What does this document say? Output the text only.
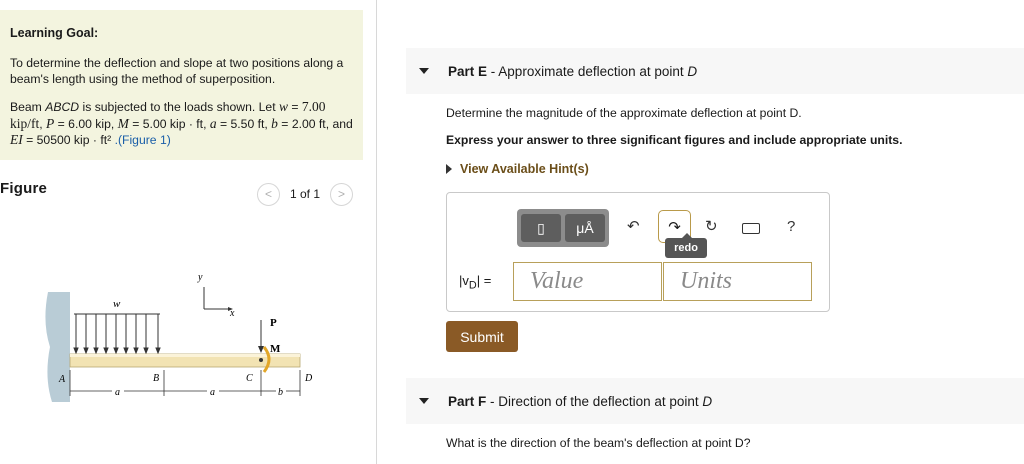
Learning Goal:
To determine the deflection and slope at two positions along a beam's length using the method of superposition.
Beam ABCD is subjected to the loads shown. Let w = 7.00 kip/ft, P = 6.00 kip, M = 5.00 kip · ft, a = 5.50 ft, b = 2.00 ft, and EI = 50500 kip · ft² .(Figure 1)
Figure	< 1 of 1 >
y
x
w
P
M
A	B	C	D
a	a	b
Part E - Approximate deflection at point D
Determine the magnitude of the approximate deflection at point D.
Express your answer to three significant figures and include appropriate units.
View Available Hint(s)
▯ μÅ ↶ ↷
redo
↻	?
$|v_D|$ =	Value	Units
Submit
Part F - Direction of the deflection at point D
What is the direction of the beam's deflection at point D?
